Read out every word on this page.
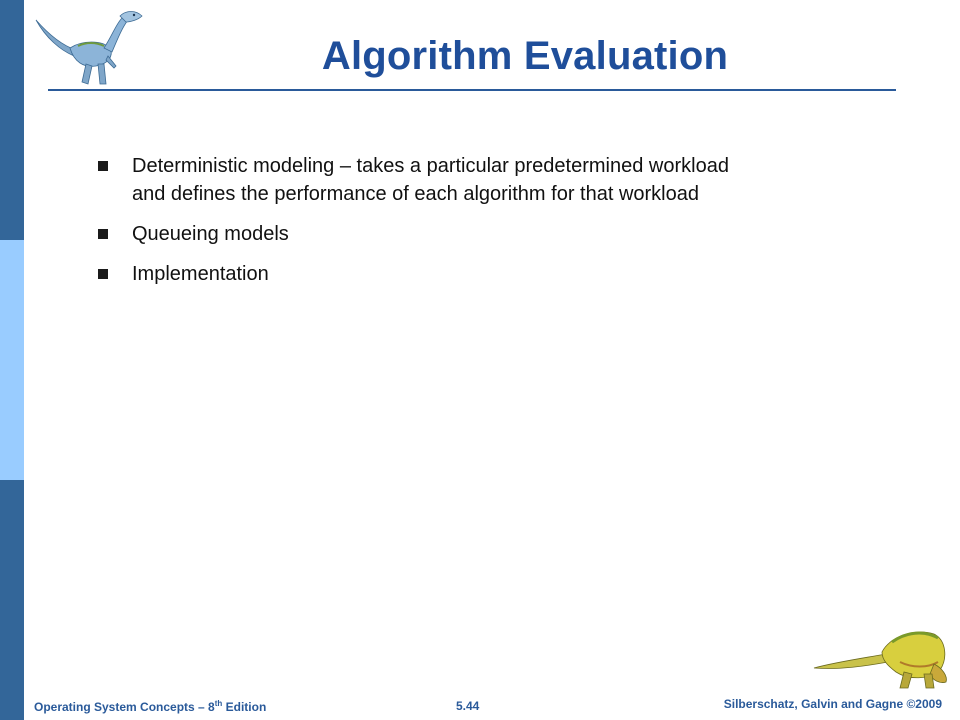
Algorithm Evaluation
Deterministic modeling – takes a particular predetermined workload and defines the performance of each algorithm for that workload
Queueing models
Implementation
Operating System Concepts – 8th Edition	5.44	Silberschatz, Galvin and Gagne ©2009
